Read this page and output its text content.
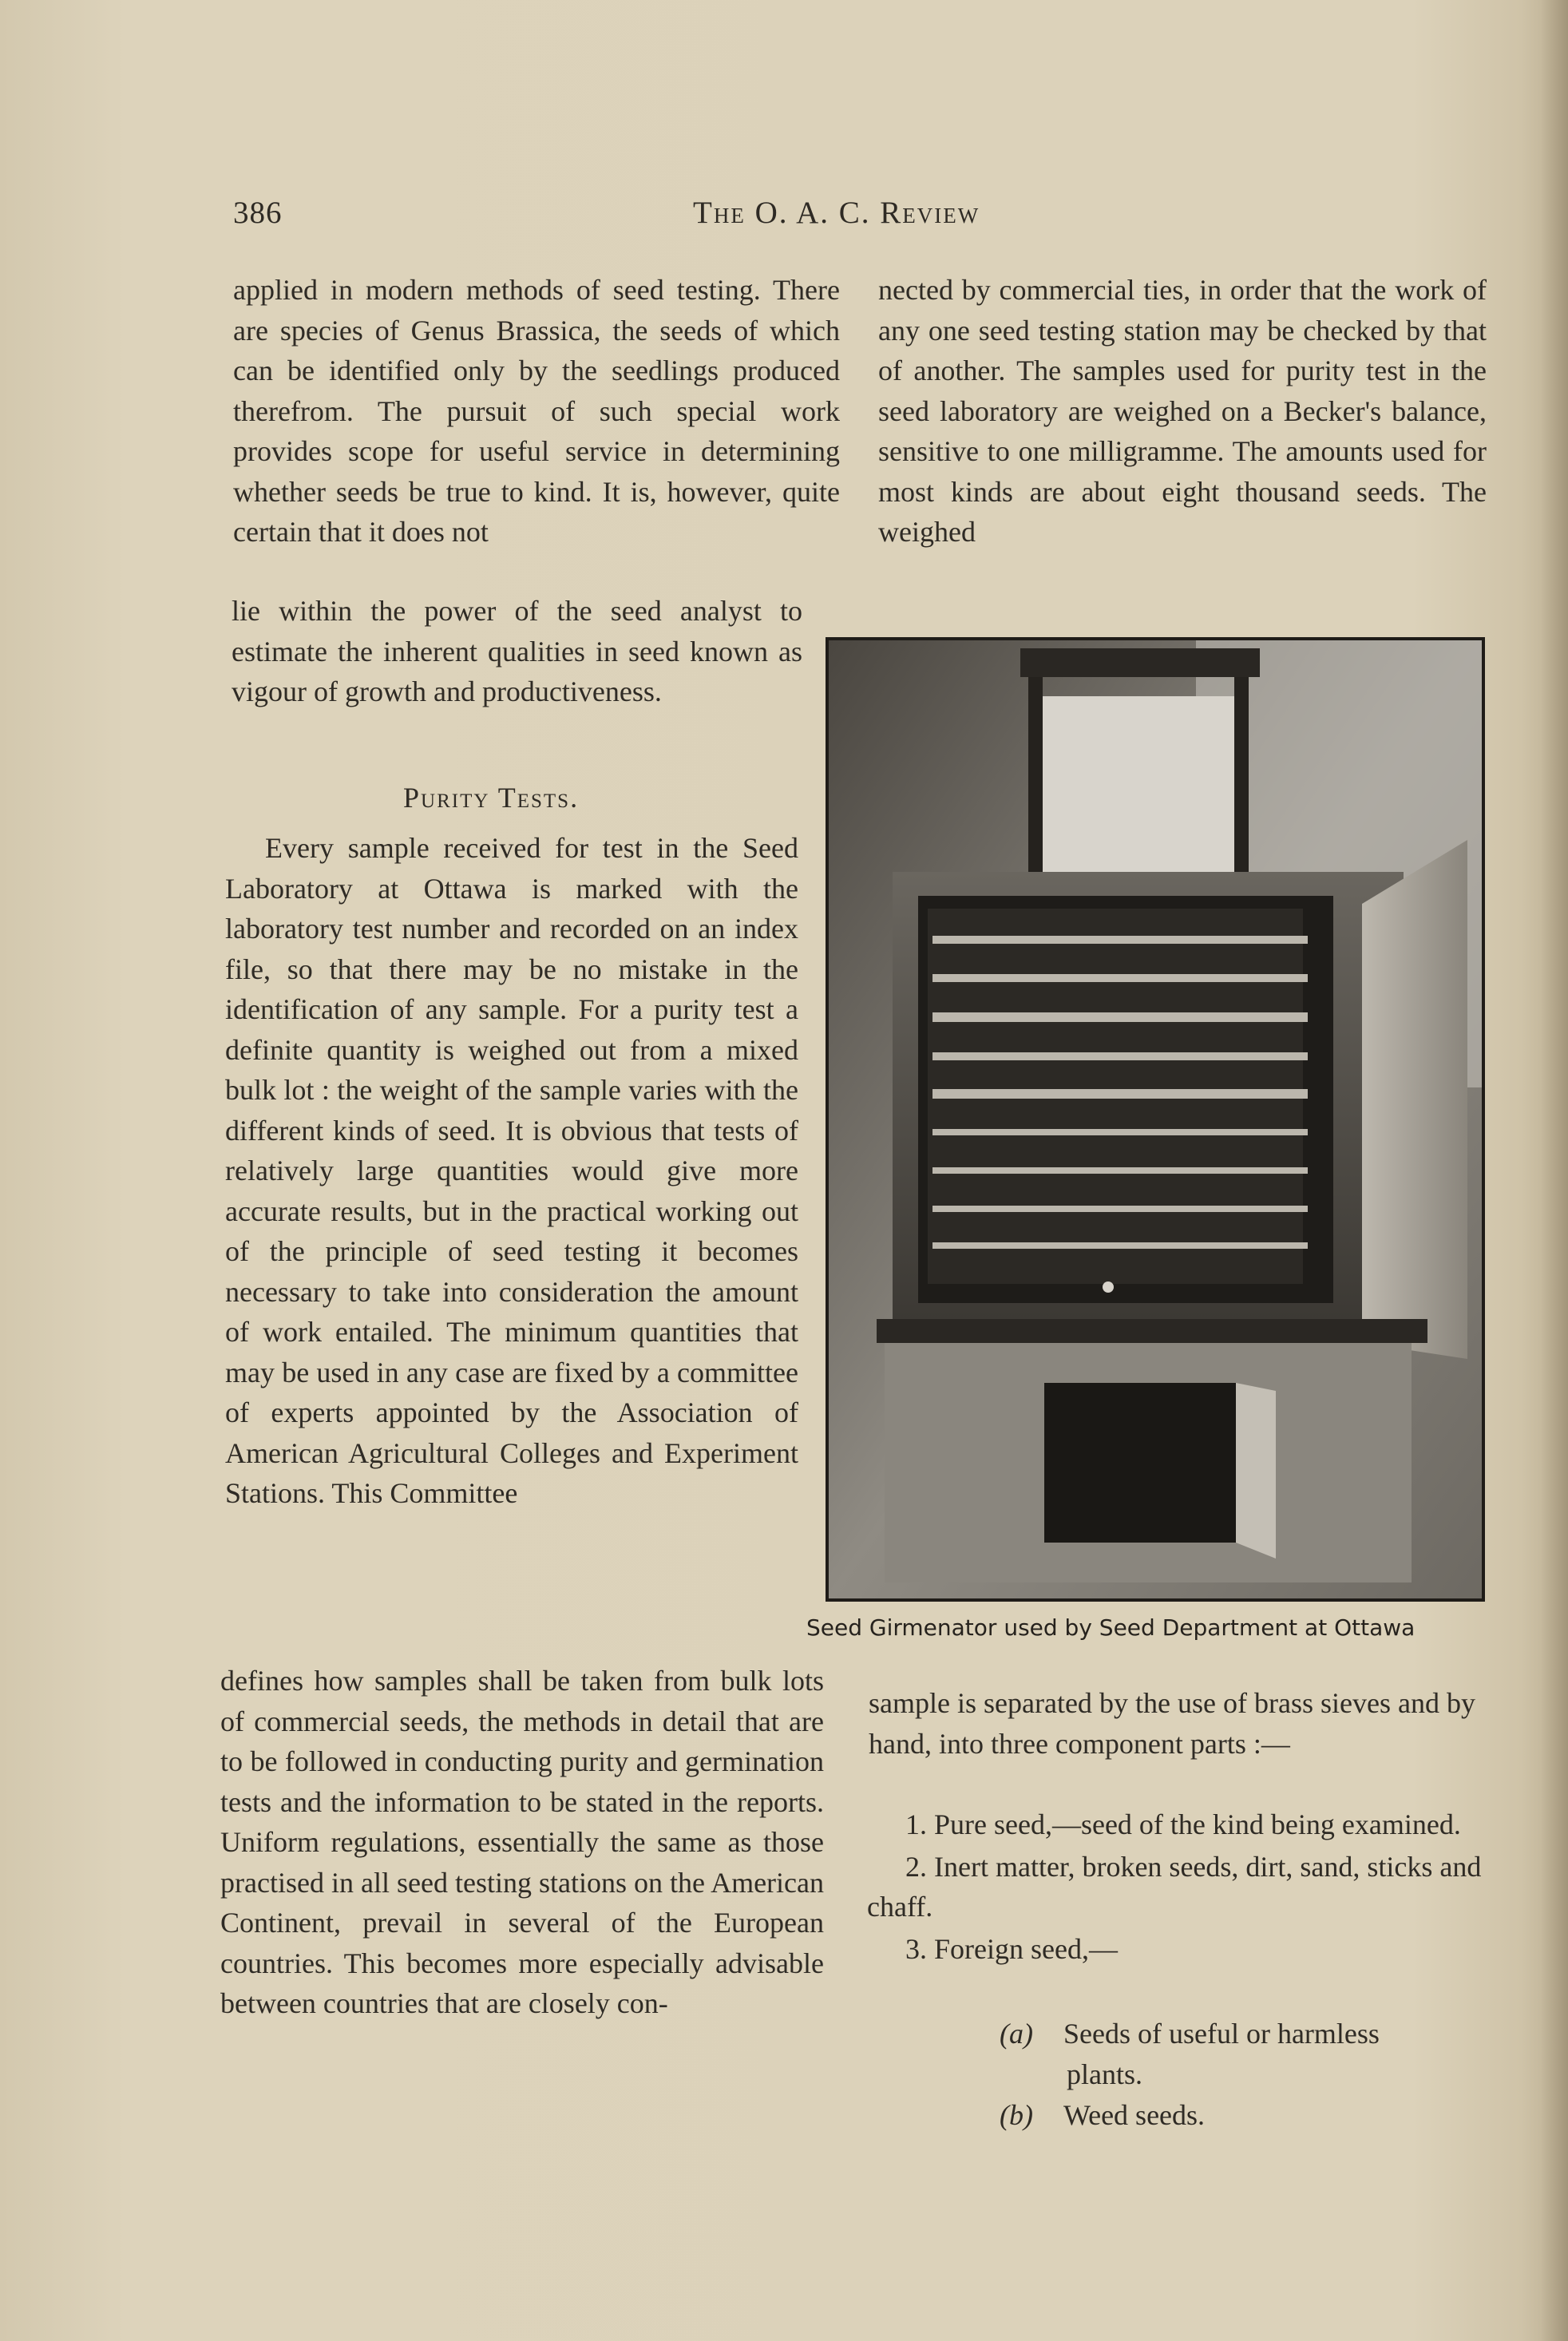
386	The O. A. C. Review

applied in modern methods of seed testing. There are species of Genus Brassica, the seeds of which can be identified only by the seedlings produced therefrom. The pursuit of such special work provides scope for useful service in determining whether seeds be true to kind. It is, however, quite certain that it does not

lie within the power of the seed analyst to estimate the inherent qualities in seed known as vigour of growth and productiveness.

Purity Tests.

Every sample received for test in the Seed Laboratory at Ottawa is marked with the laboratory test number and recorded on an index file, so that there may be no mistake in the identification of any sample. For a purity test a definite quantity is weighed out from a mixed bulk lot : the weight of the sample varies with the different kinds of seed. It is obvious that tests of relatively large quantities would give more accurate results, but in the practical working out of the principle of seed testing it becomes necessary to take into consideration the amount of work entailed. The minimum quantities that may be used in any case are fixed by a committee of experts appointed by the Association of American Agricultural Colleges and Experiment Stations. This Committee

defines how samples shall be taken from bulk lots of commercial seeds, the methods in detail that are to be followed in conducting purity and germination tests and the information to be stated in the reports. Uniform regulations, essentially the same as those practised in all seed testing stations on the American Continent, prevail in several of the European countries. This becomes more especially advisable between countries that are closely con-

nected by commercial ties, in order that the work of any one seed testing station may be checked by that of another. The samples used for purity test in the seed laboratory are weighed on a Becker's balance, sensitive to one milligramme. The amounts used for most kinds are about eight thousand seeds. The weighed

Seed Girmenator used by Seed Department at Ottawa

sample is separated by the use of brass sieves and by hand, into three component parts :—

1. Pure seed,—seed of the kind being examined.
2. Inert matter, broken seeds, dirt, sand, sticks and chaff.
3. Foreign seed,—
(a) Seeds of useful or harmless
plants.
(b) Weed seeds.
